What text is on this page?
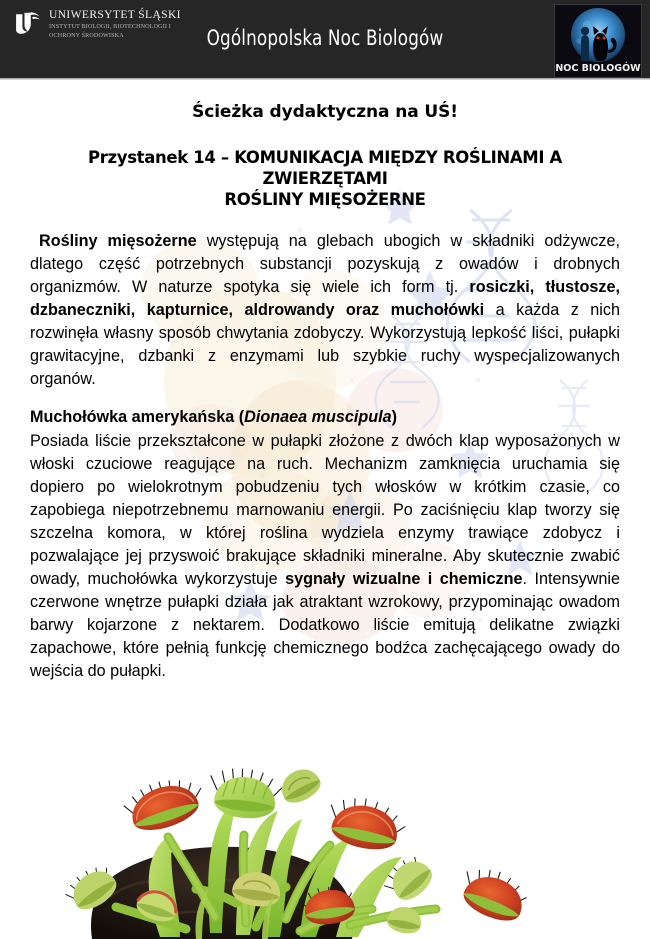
UNIWERSYTET ŚLĄSKI
INSTYTUT BIOLOGII, BIOTECHNOLOGII I OCHRONY ŚRODOWISKA	Ogólnopolska Noc Biologów
NOC BIOLOGÓW
Ścieżka dydaktyczna na UŚ!
Przystanek 14 – KOMUNIKACJA MIĘDZY ROŚLINAMI A ZWIERZĘTAMI
ROŚLINY MIĘSOŻERNE

Rośliny mięsożerne występują na glebach ubogich w składniki odżywcze, dlatego część potrzebnych substancji pozyskują z owadów i drobnych organizmów. W naturze spotyka się wiele ich form tj. rosiczki, tłustosze, dzbaneczniki, kapturnice, aldrowandy oraz muchołówki a każda z nich rozwinęła własny sposób chwytania zdobyczy. Wykorzystują lepkość liści, pułapki grawitacyjne, dzbanki z enzymami lub szybkie ruchy wyspecjalizowanych organów.

Muchołówka amerykańska (Dionaea muscipula)

Posiada liście przekształcone w pułapki złożone z dwóch klap wyposażonych w włoski czuciowe reagujące na ruch. Mechanizm zamknięcia uruchamia się dopiero po wielokrotnym pobudzeniu tych włosków w krótkim czasie, co zapobiega niepotrzebnemu marnowaniu energii. Po zaciśnięciu klap tworzy się szczelna komora, w której roślina wydziela enzymy trawiące zdobycz i pozwalające jej przyswoić brakujące składniki mineralne. Aby skutecznie zwabić owady, muchołówka wykorzystuje sygnały wizualne i chemiczne. Intensywnie czerwone wnętrze pułapki działa jak atraktant wzrokowy, przypominając owadom barwy kojarzone z nektarem. Dodatkowo liście emitują delikatne związki zapachowe, które pełnią funkcję chemicznego bodźca zachęcającego owady do wejścia do pułapki.
